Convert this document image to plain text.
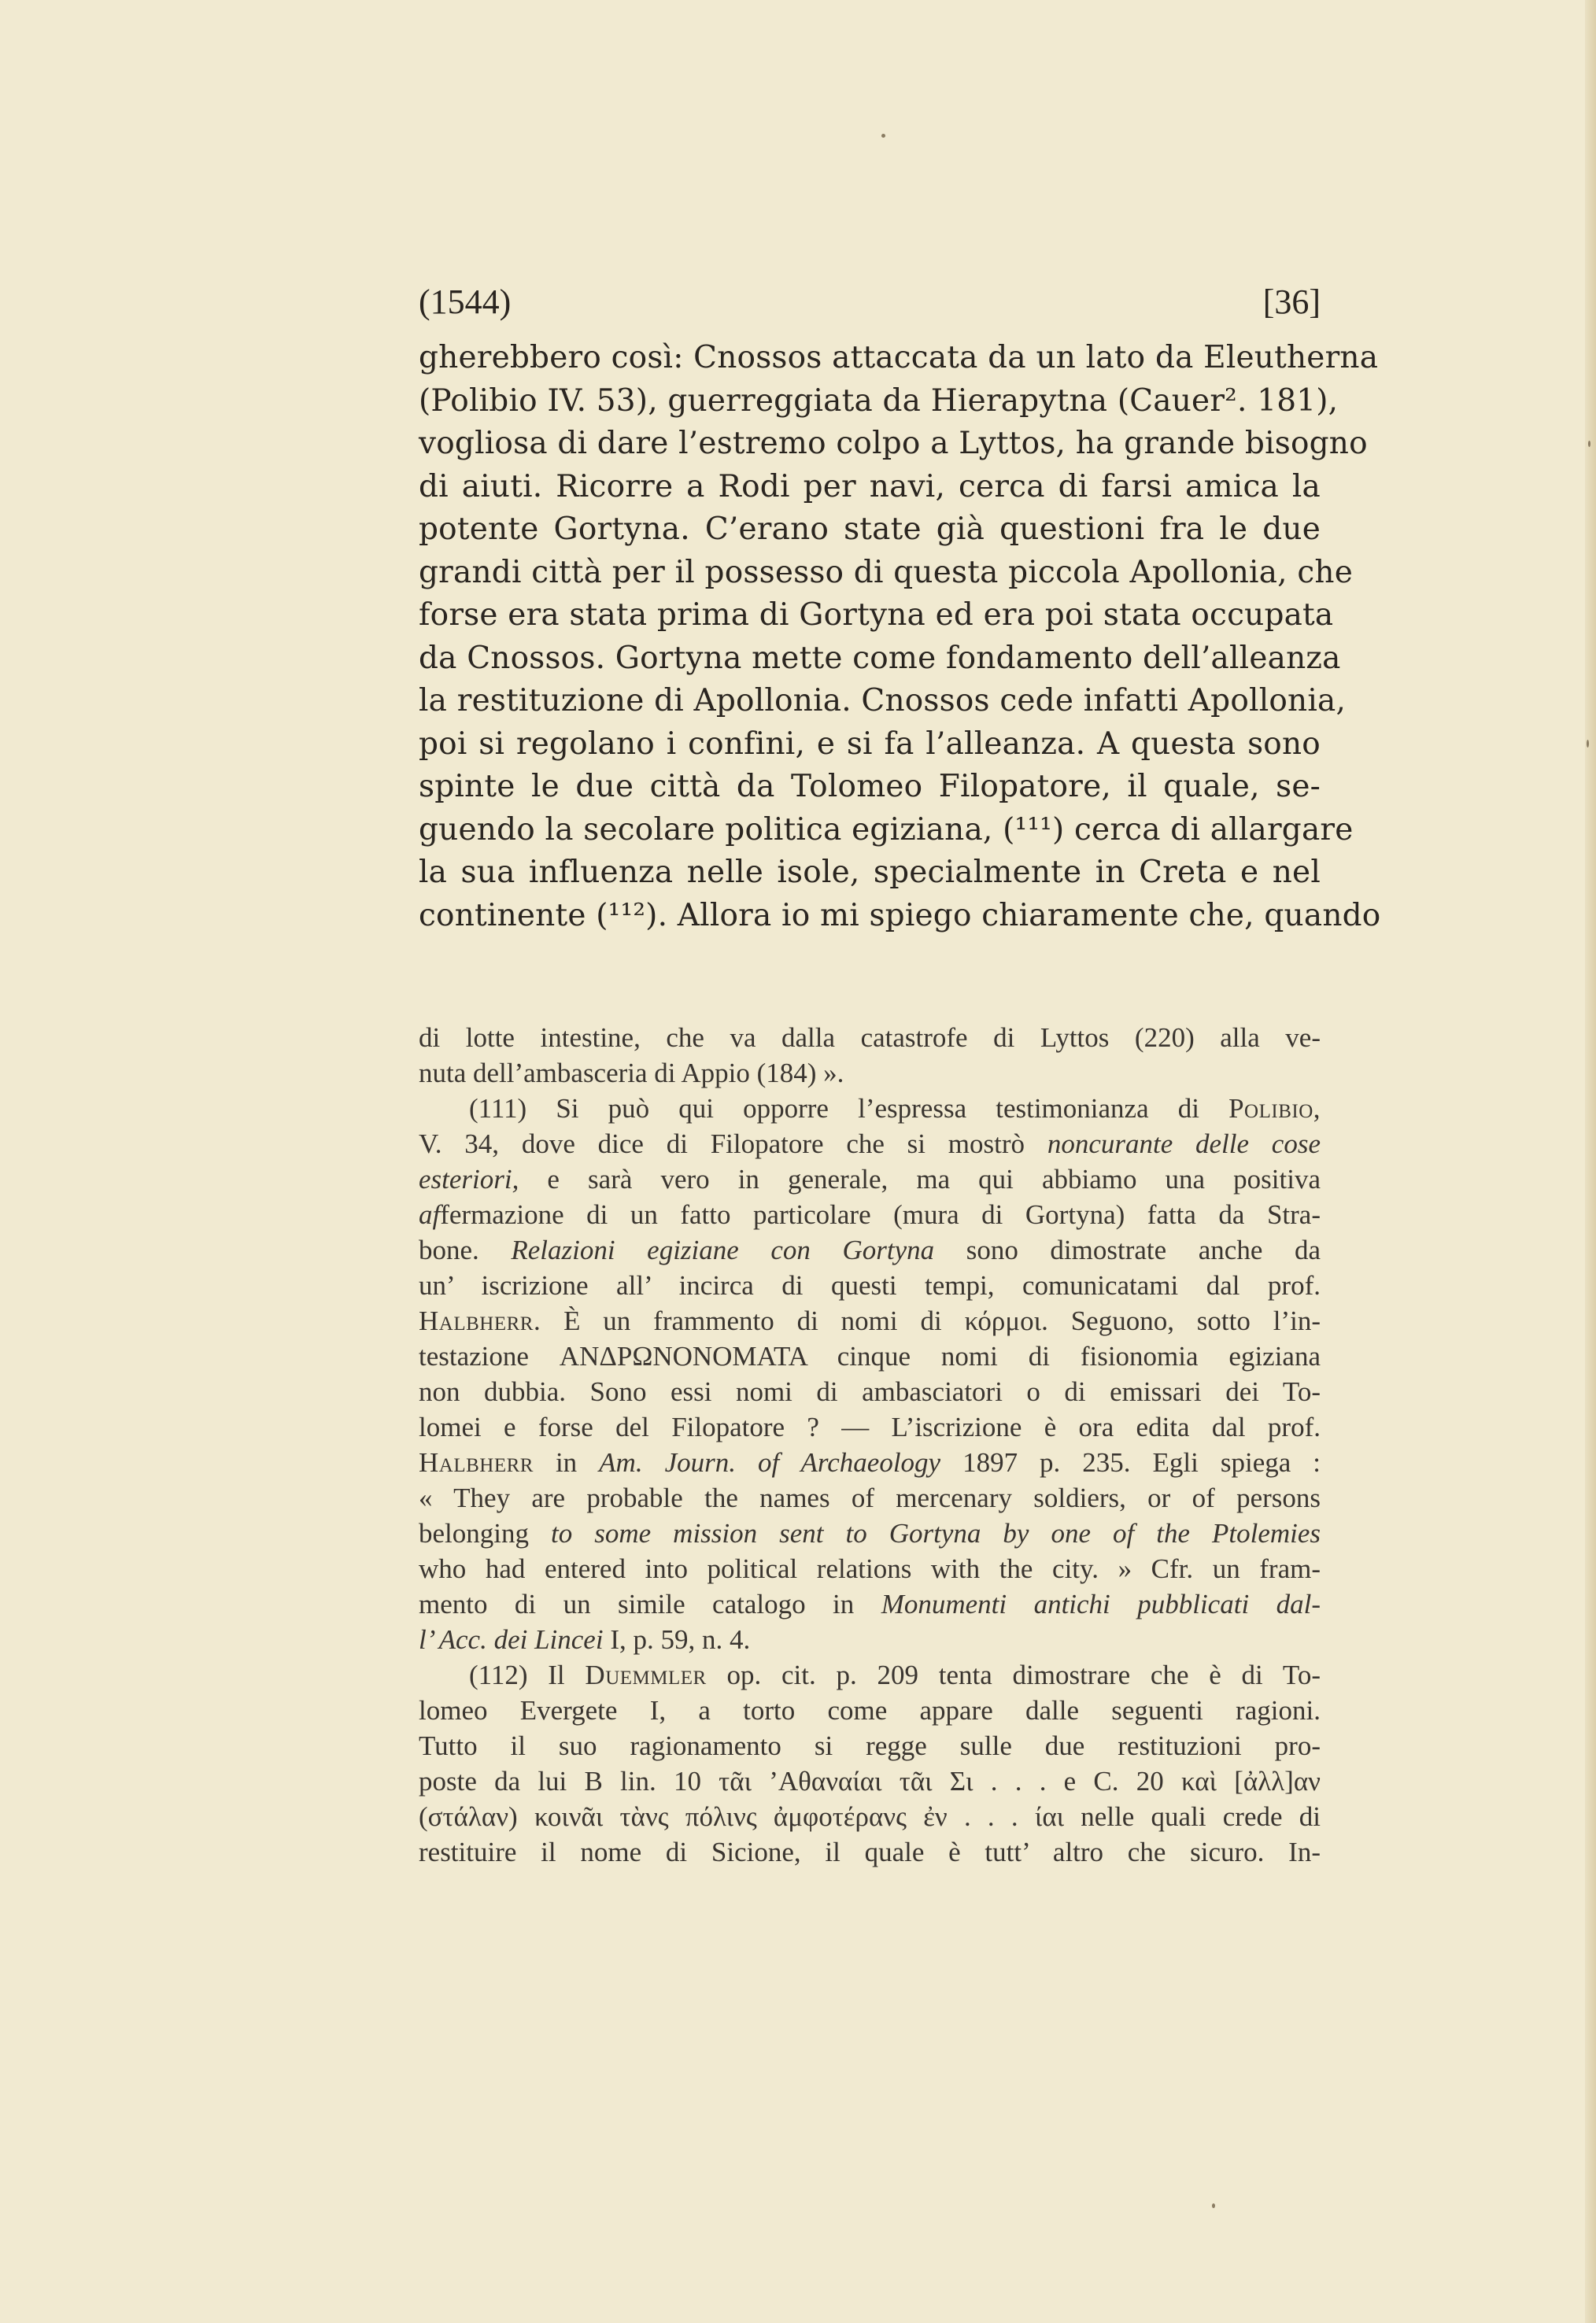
(1544)	[36]
gherebbero così: Cnossos attaccata da un lato da Eleutherna
(Polibio IV. 53), guerreggiata da Hierapytna (Cauer². 181),
vogliosa di dare l’estremo colpo a Lyttos, ha grande bisogno
di aiuti. Ricorre a Rodi per navi, cerca di farsi amica la
potente Gortyna. C’erano state già questioni fra le due
grandi città per il possesso di questa piccola Apollonia, che
forse era stata prima di Gortyna ed era poi stata occupata
da Cnossos. Gortyna mette come fondamento dell’alleanza
la restituzione di Apollonia. Cnossos cede infatti Apollonia,
poi si regolano i confini, e si fa l’alleanza. A questa sono
spinte le due città da Tolomeo Filopatore, il quale, se-
guendo la secolare politica egiziana, (¹¹¹) cerca di allargare
la sua influenza nelle isole, specialmente in Creta e nel
continente (¹¹²). Allora io mi spiego chiaramente che, quando
di lotte intestine, che va dalla catastrofe di Lyttos (220) alla ve-
nuta dell’ambasceria di Appio (184) ».
(111) Si può qui opporre l’espressa testimonianza di Polibio,
V. 34, dove dice di Filopatore che si mostrò noncurante delle cose
esteriori, e sarà vero in generale, ma qui abbiamo una positiva
affermazione di un fatto particolare (mura di Gortyna) fatta da Stra-
bone. Relazioni egiziane con Gortyna sono dimostrate anche da
un’ iscrizione all’ incirca di questi tempi, comunicatami dal prof.
Halbherr. È un frammento di nomi di κόρμοι. Seguono, sotto l’in-
testazione ΑΝΔΡΩΝΟΝΟΜΑΤΑ cinque nomi di fisionomia egiziana
non dubbia. Sono essi nomi di ambasciatori o di emissari dei To-
lomei e forse del Filopatore ? — L’iscrizione è ora edita dal prof.
Halbherr in Am. Journ. of Archaeology 1897 p. 235. Egli spiega :
« They are probable the names of mercenary soldiers, or of persons
belonging to some mission sent to Gortyna by one of the Ptolemies
who had entered into political relations with the city. » Cfr. un fram-
mento di un simile catalogo in Monumenti antichi pubblicati dal-
l’ Acc. dei Lincei I, p. 59, n. 4.
(112) Il Duemmler op. cit. p. 209 tenta dimostrare che è di To-
lomeo Evergete I, a torto come appare dalle seguenti ragioni.
Tutto il suo ragionamento si regge sulle due restituzioni pro-
poste da lui B lin. 10 τᾶι ’Αθαναίαι τᾶι Σι . . . e C. 20 καὶ [ἀλλ]αν
(στάλαν) κοινᾶι τὰνς πόλινς ἀμφοτέρανς ἐν . . . ίαι nelle quali crede di
restituire il nome di Sicione, il quale è tutt’ altro che sicuro. In-
